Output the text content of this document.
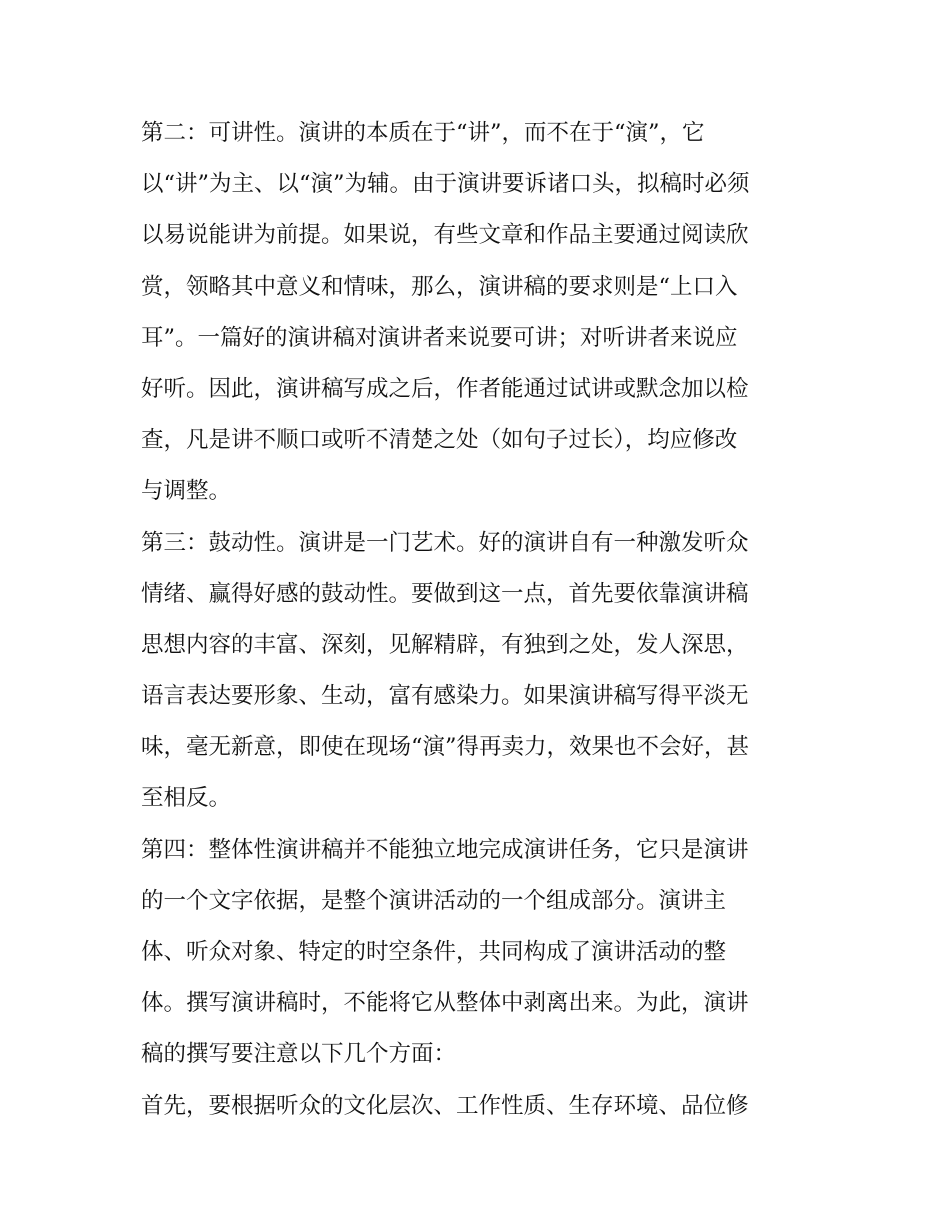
第二：可讲性。演讲的本质在于“讲”，而不在于“演”，它
以“讲”为主、以“演”为辅。由于演讲要诉诸口头，拟稿时必须
以易说能讲为前提。如果说，有些文章和作品主要通过阅读欣
赏，领略其中意义和情味，那么，演讲稿的要求则是“上口入
耳”。一篇好的演讲稿对演讲者来说要可讲；对听讲者来说应
好听。因此，演讲稿写成之后，作者能通过试讲或默念加以检
查，凡是讲不顺口或听不清楚之处（如句子过长），均应修改
与调整。
第三：鼓动性。演讲是一门艺术。好的演讲自有一种激发听众
情绪、赢得好感的鼓动性。要做到这一点，首先要依靠演讲稿
思想内容的丰富、深刻，见解精辟，有独到之处，发人深思，
语言表达要形象、生动，富有感染力。如果演讲稿写得平淡无
味，毫无新意，即使在现场“演”得再卖力，效果也不会好，甚
至相反。
第四：整体性演讲稿并不能独立地完成演讲任务，它只是演讲
的一个文字依据，是整个演讲活动的一个组成部分。演讲主
体、听众对象、特定的时空条件，共同构成了演讲活动的整
体。撰写演讲稿时，不能将它从整体中剥离出来。为此，演讲
稿的撰写要注意以下几个方面：
首先，要根据听众的文化层次、工作性质、生存环境、品位修
